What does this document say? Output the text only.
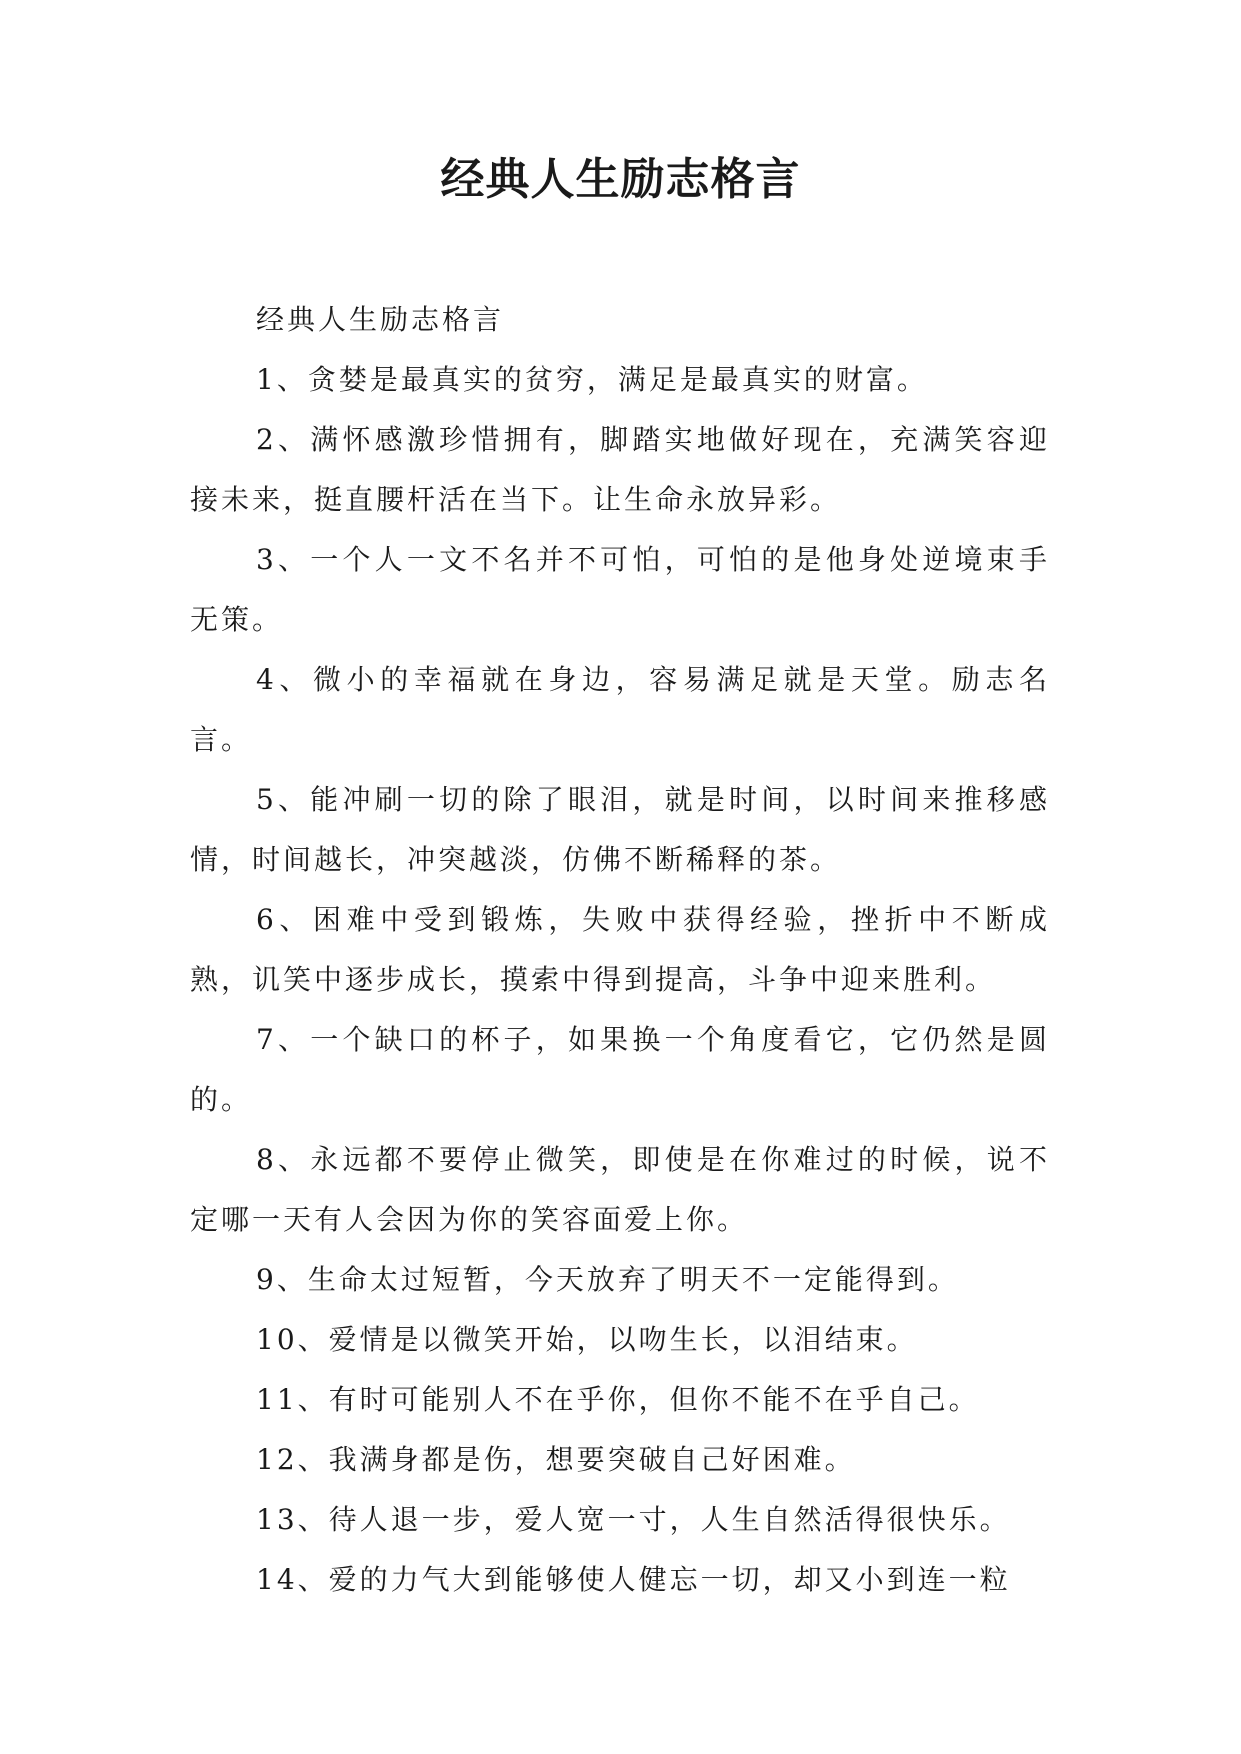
经典人生励志格言

经典人生励志格言

1、贪婪是最真实的贫穷，满足是最真实的财富。

2、满怀感激珍惜拥有，脚踏实地做好现在，充满笑容迎接未来，挺直腰杆活在当下。让生命永放异彩。

3、一个人一文不名并不可怕，可怕的是他身处逆境束手无策。

4、微小的幸福就在身边，容易满足就是天堂。励志名言。

5、能冲刷一切的除了眼泪，就是时间，以时间来推移感情，时间越长，冲突越淡，仿佛不断稀释的茶。

6、困难中受到锻炼，失败中获得经验，挫折中不断成熟，讥笑中逐步成长，摸索中得到提高，斗争中迎来胜利。

7、一个缺口的杯子，如果换一个角度看它，它仍然是圆的。

8、永远都不要停止微笑，即使是在你难过的时候，说不定哪一天有人会因为你的笑容面爱上你。

9、生命太过短暂，今天放弃了明天不一定能得到。

10、爱情是以微笑开始，以吻生长，以泪结束。

11、有时可能别人不在乎你，但你不能不在乎自己。

12、我满身都是伤，想要突破自己好困难。

13、待人退一步，爱人宽一寸，人生自然活得很快乐。

14、爱的力气大到能够使人健忘一切，却又小到连一粒
